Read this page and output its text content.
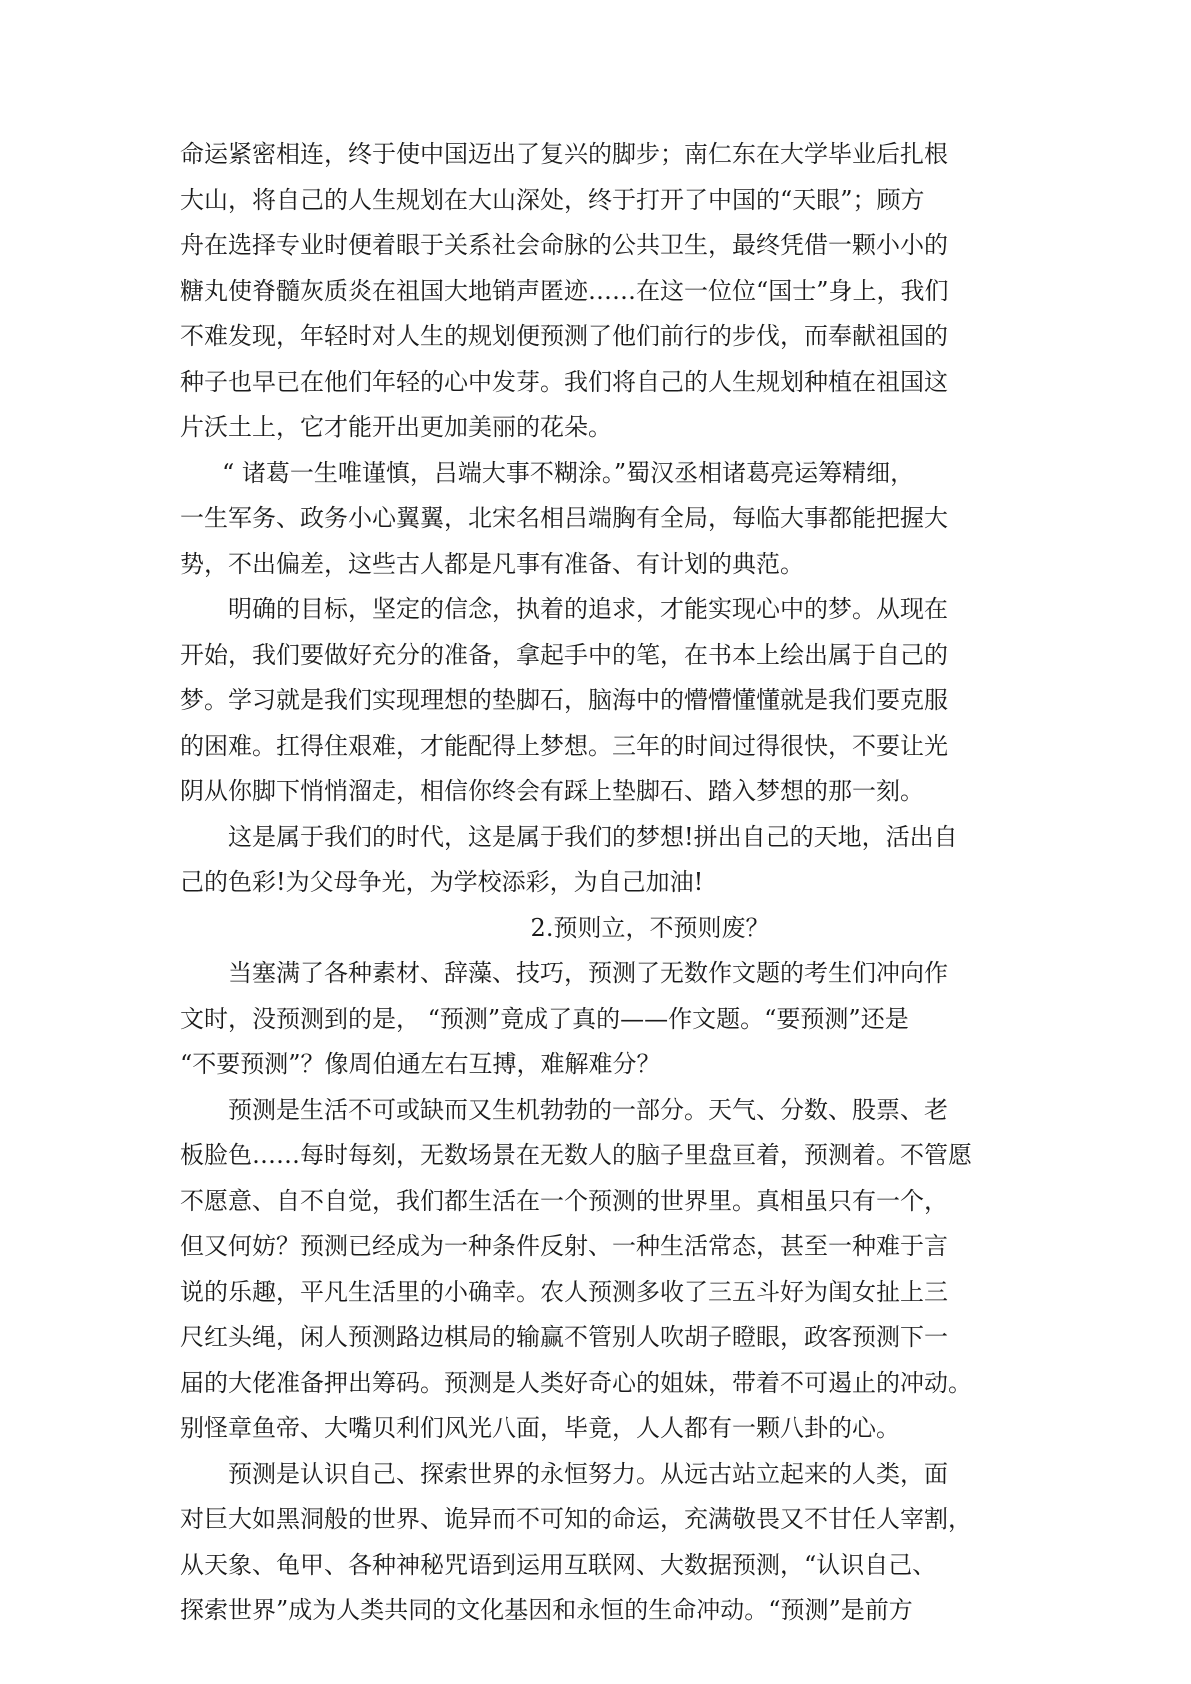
命运紧密相连，终于使中国迈出了复兴的脚步；南仁东在大学毕业后扎根
大山，将自己的人生规划在大山深处，终于打开了中国的“天眼”；顾方
舟在选择专业时便着眼于关系社会命脉的公共卫生，最终凭借一颗小小的
糖丸使脊髓灰质炎在祖国大地销声匿迹……在这一位位“国士”身上，我们
不难发现，年轻时对人生的规划便预测了他们前行的步伐，而奉献祖国的
种子也早已在他们年轻的心中发芽。我们将自己的人生规划种植在祖国这
片沃土上，它才能开出更加美丽的花朵。
“ 诸葛一生唯谨慎，吕端大事不糊涂。”蜀汉丞相诸葛亮运筹精细，
一生军务、政务小心翼翼，北宋名相吕端胸有全局，每临大事都能把握大
势，不出偏差，这些古人都是凡事有准备、有计划的典范。
明确的目标，坚定的信念，执着的追求，才能实现心中的梦。从现在
开始，我们要做好充分的准备，拿起手中的笔，在书本上绘出属于自己的
梦。学习就是我们实现理想的垫脚石，脑海中的懵懵懂懂就是我们要克服
的困难。扛得住艰难，才能配得上梦想。三年的时间过得很快，不要让光
阴从你脚下悄悄溜走，相信你终会有踩上垫脚石、踏入梦想的那一刻。
这是属于我们的时代，这是属于我们的梦想!拼出自己的天地，活出自
己的色彩!为父母争光，为学校添彩，为自己加油!
2.预则立，不预则废？
当塞满了各种素材、辞藻、技巧，预测了无数作文题的考生们冲向作
文时，没预测到的是， “预测”竟成了真的——作文题。“要预测”还是
“不要预测”？像周伯通左右互搏，难解难分？
预测是生活不可或缺而又生机勃勃的一部分。天气、分数、股票、老
板脸色……每时每刻，无数场景在无数人的脑子里盘亘着，预测着。不管愿
不愿意、自不自觉，我们都生活在一个预测的世界里。真相虽只有一个，
但又何妨？预测已经成为一种条件反射、一种生活常态，甚至一种难于言
说的乐趣，平凡生活里的小确幸。农人预测多收了三五斗好为闺女扯上三
尺红头绳，闲人预测路边棋局的输赢不管别人吹胡子瞪眼，政客预测下一
届的大佬准备押出筹码。预测是人类好奇心的姐妹，带着不可遏止的冲动。
别怪章鱼帝、大嘴贝利们风光八面，毕竟，人人都有一颗八卦的心。
预测是认识自己、探索世界的永恒努力。从远古站立起来的人类，面
对巨大如黑洞般的世界、诡异而不可知的命运，充满敬畏又不甘任人宰割，
从天象、龟甲、各种神秘咒语到运用互联网、大数据预测，“认识自己、
探索世界”成为人类共同的文化基因和永恒的生命冲动。“预测”是前方
